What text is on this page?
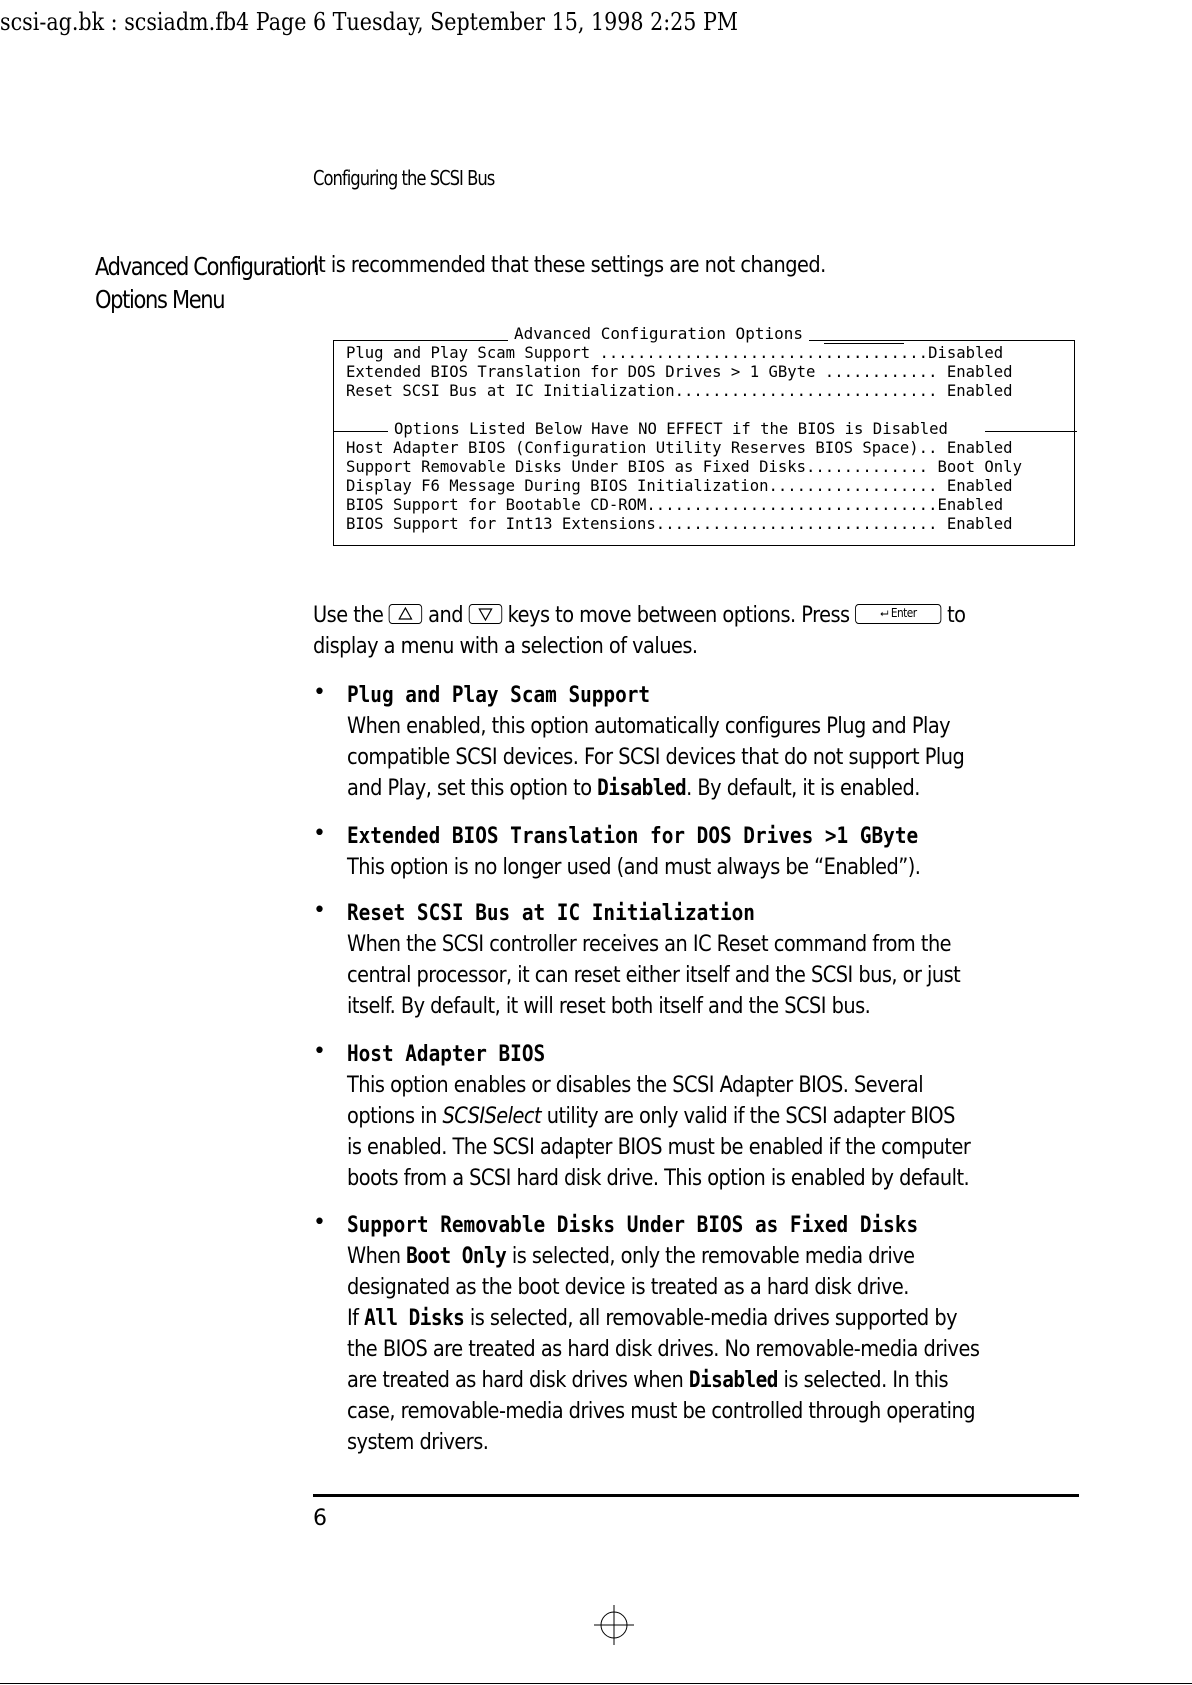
scsi-ag.bk : scsiadm.fb4 Page 6 Tuesday, September 15, 1998 2:25 PM
Configuring the SCSI Bus
Advanced Configuration
Options Menu
It is recommended that these settings are not changed.
Advanced Configuration Options
Plug and Play Scam Support ...................................Disabled
Extended BIOS Translation for DOS Drives > 1 GByte ............ Enabled
Reset SCSI Bus at IC Initialization............................ Enabled
Options Listed Below Have NO EFFECT if the BIOS is Disabled
Host Adapter BIOS (Configuration Utility Reserves BIOS Space).. Enabled
Support Removable Disks Under BIOS as Fixed Disks............. Boot Only
Display F6 Message During BIOS Initialization.................. Enabled
BIOS Support for Bootable CD-ROM...............................Enabled
BIOS Support for Int13 Extensions.............................. Enabled
Use the and keys to move between options. Press	⮠ Enter to
display a menu with a selection of values.
• Plug and Play Scam Support
When enabled, this option automatically configures Plug and Play
compatible SCSI devices. For SCSI devices that do not support Plug
and Play, set this option to Disabled. By default, it is enabled.
• Extended BIOS Translation for DOS Drives >1 GByte
This option is no longer used (and must always be “Enabled”).
• Reset SCSI Bus at IC Initialization
When the SCSI controller receives an IC Reset command from the
central processor, it can reset either itself and the SCSI bus, or just
itself. By default, it will reset both itself and the SCSI bus.
• Host Adapter BIOS
This option enables or disables the SCSI Adapter BIOS. Several
options in SCSISelect utility are only valid if the SCSI adapter BIOS
is enabled. The SCSI adapter BIOS must be enabled if the computer
boots from a SCSI hard disk drive. This option is enabled by default.
• Support Removable Disks Under BIOS as Fixed Disks
When Boot Only is selected, only the removable media drive
designated as the boot device is treated as a hard disk drive.
If All Disks is selected, all removable-media drives supported by
the BIOS are treated as hard disk drives. No removable-media drives
are treated as hard disk drives when Disabled is selected. In this
case, removable-media drives must be controlled through operating
system drivers.
6
